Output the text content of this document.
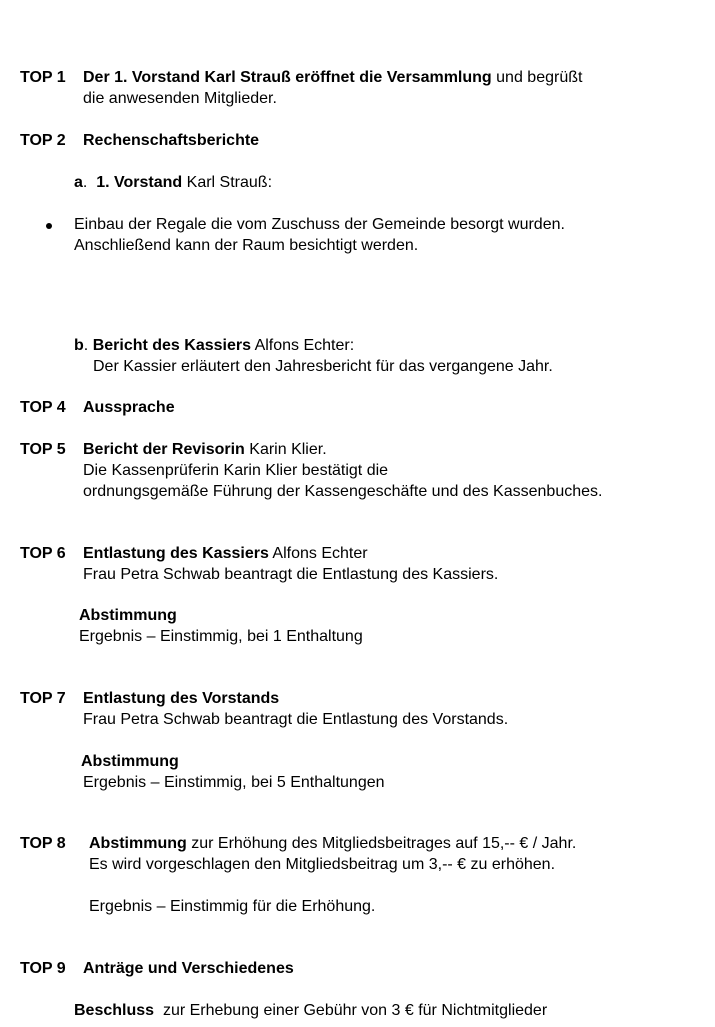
TOP 1 Der 1. Vorstand Karl Strauß eröffnet die Versammlung und begrüßt
die anwesenden Mitglieder.
TOP 2 Rechenschaftsberichte
a. 1. Vorstand Karl Strauß:
Einbau der Regale die vom Zuschuss der Gemeinde besorgt wurden.
Anschließend kann der Raum besichtigt werden.
b. Bericht des Kassiers Alfons Echter:
Der Kassier erläutert den Jahresbericht für das vergangene Jahr.
TOP 4 Aussprache
TOP 5 Bericht der Revisorin Karin Klier.
Die Kassenprüferin Karin Klier bestätigt die
ordnungsgemäße Führung der Kassengeschäfte und des Kassenbuches.
TOP 6 Entlastung des Kassiers Alfons Echter
Frau Petra Schwab beantragt die Entlastung des Kassiers.
Abstimmung
Ergebnis – Einstimmig, bei 1 Enthaltung
TOP 7 Entlastung des Vorstands
Frau Petra Schwab beantragt die Entlastung des Vorstands.
Abstimmung
Ergebnis – Einstimmig, bei 5 Enthaltungen
TOP 8 Abstimmung zur Erhöhung des Mitgliedsbeitrages auf 15,-- € / Jahr.
Es wird vorgeschlagen den Mitgliedsbeitrag um 3,-- € zu erhöhen.
Ergebnis – Einstimmig für die Erhöhung.
TOP 9 Anträge und Verschiedenes
Beschluss  zur Erhebung einer Gebühr von 3 € für Nichtmitglieder
